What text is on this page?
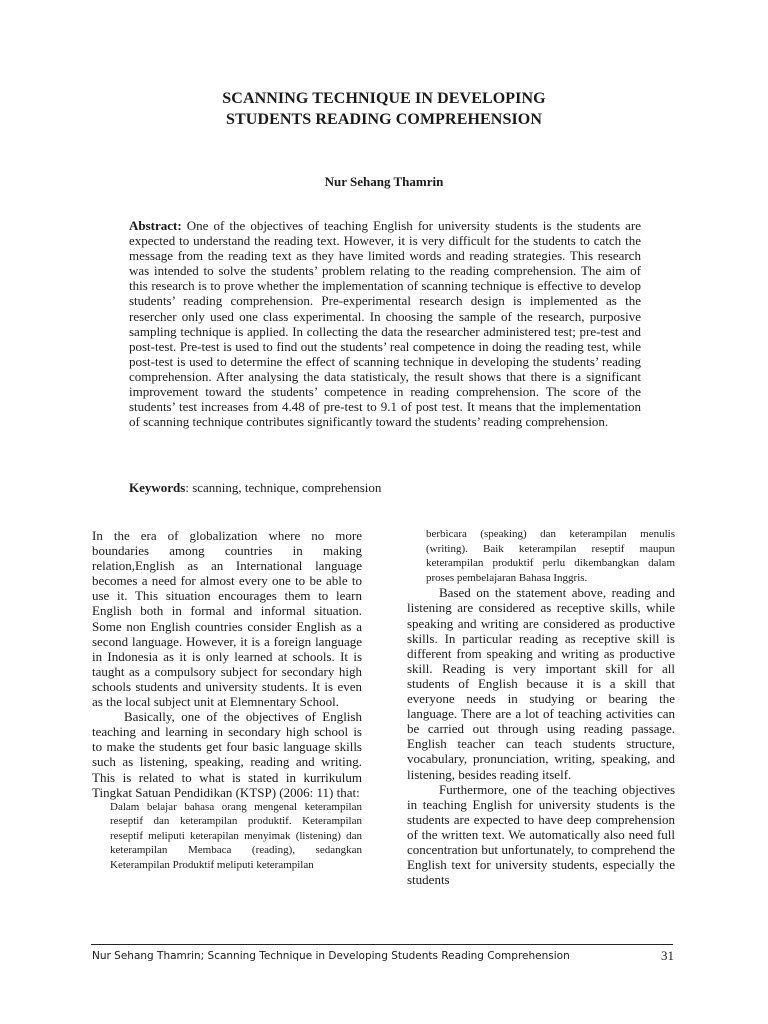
SCANNING TECHNIQUE IN DEVELOPING
STUDENTS READING COMPREHENSION
Nur Sehang Thamrin
Abstract: One of the objectives of teaching English for university students is the students are expected to understand the reading text. However, it is very difficult for the students to catch the message from the reading text as they have limited words and reading strategies. This research was intended to solve the students’ problem relating to the reading comprehension. The aim of this research is to prove whether the implementation of scanning technique is effective to develop students’ reading comprehension. Pre-experimental research design is implemented as the resercher only used one class experimental. In choosing the sample of the research, purposive sampling technique is applied. In collecting the data the researcher administered test; pre-test and post-test. Pre-test is used to find out the students’ real competence in doing the reading test, while post-test is used to determine the effect of scanning technique in developing the students’ reading comprehension. After analysing the data statisticaly, the result shows that there is a significant improvement toward the students’ competence in reading comprehension. The score of the students’ test increases from 4.48 of pre-test to 9.1 of post test. It means that the implementation of scanning technique contributes significantly toward the students’ reading comprehension.
Keywords: scanning, technique, comprehension

In the era of globalization where no more boundaries among countries in making relation,English as an International language becomes a need for almost every one to be able to use it. This situation encourages them to learn English both in formal and informal situation. Some non English countries consider English as a second language. However, it is a foreign language in Indonesia as it is only learned at schools. It is taught as a compulsory subject for secondary high schools students and university students. It is even as the local subject unit at Elemnentary School.

Basically, one of the objectives of English teaching and learning in secondary high school is to make the students get four basic language skills such as listening, speaking, reading and writing. This is related to what is stated in kurrikulum Tingkat Satuan Pendidikan (KTSP) (2006: 11) that:

Dalam belajar bahasa orang mengenal keterampilan reseptif dan keterampilan produktif. Keterampilan reseptif meliputi keterapilan menyimak (listening) dan keterampilan Membaca (reading), sedangkan Keterampilan Produktif meliputi keterampilan

berbicara (speaking) dan keterampilan menulis (writing). Baik keterampilan reseptif maupun keterampilan produktif perlu dikembangkan dalam proses pembelajaran Bahasa Inggris.

Based on the statement above, reading and listening are considered as receptive skills, while speaking and writing are considered as productive skills. In particular reading as receptive skill is different from speaking and writing as productive skill. Reading is very important skill for all students of English because it is a skill that everyone needs in studying or bearing the language. There are a lot of teaching activities can be carried out through using reading passage. English teacher can teach students structure, vocabulary, pronunciation, writing, speaking, and listening, besides reading itself.

Furthermore, one of the teaching objectives in teaching English for university students is the students are expected to have deep comprehension of the written text. We automatically also need full concentration but unfortunately, to comprehend the English text for university students, especially the students

Nur Sehang Thamrin; Scanning Technique in Developing Students Reading Comprehension	31
